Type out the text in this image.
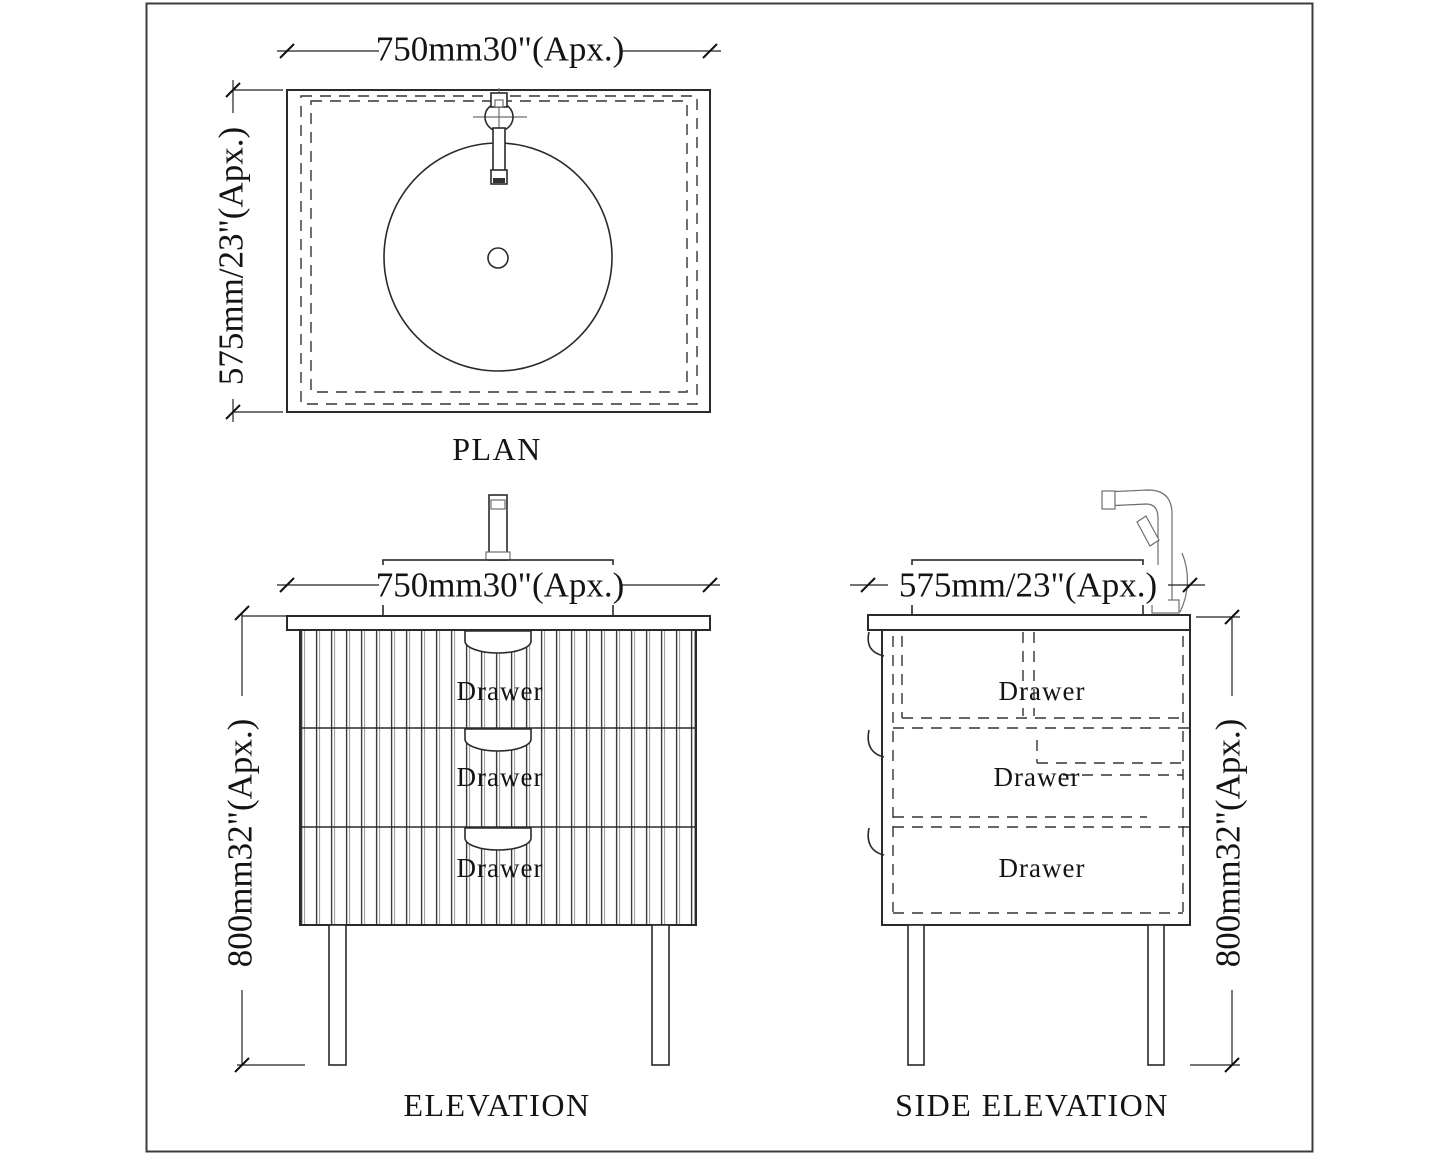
750mm30"(Apx.)
575mm/23"(Apx.)
PLAN
Drawer
Drawer
Drawer
750mm30"(Apx.)
800mm32"(Apx.)
ELEVATION
Drawer
Drawer
Drawer
575mm/23"(Apx.)
800mm32"(Apx.)
SIDE ELEVATION
